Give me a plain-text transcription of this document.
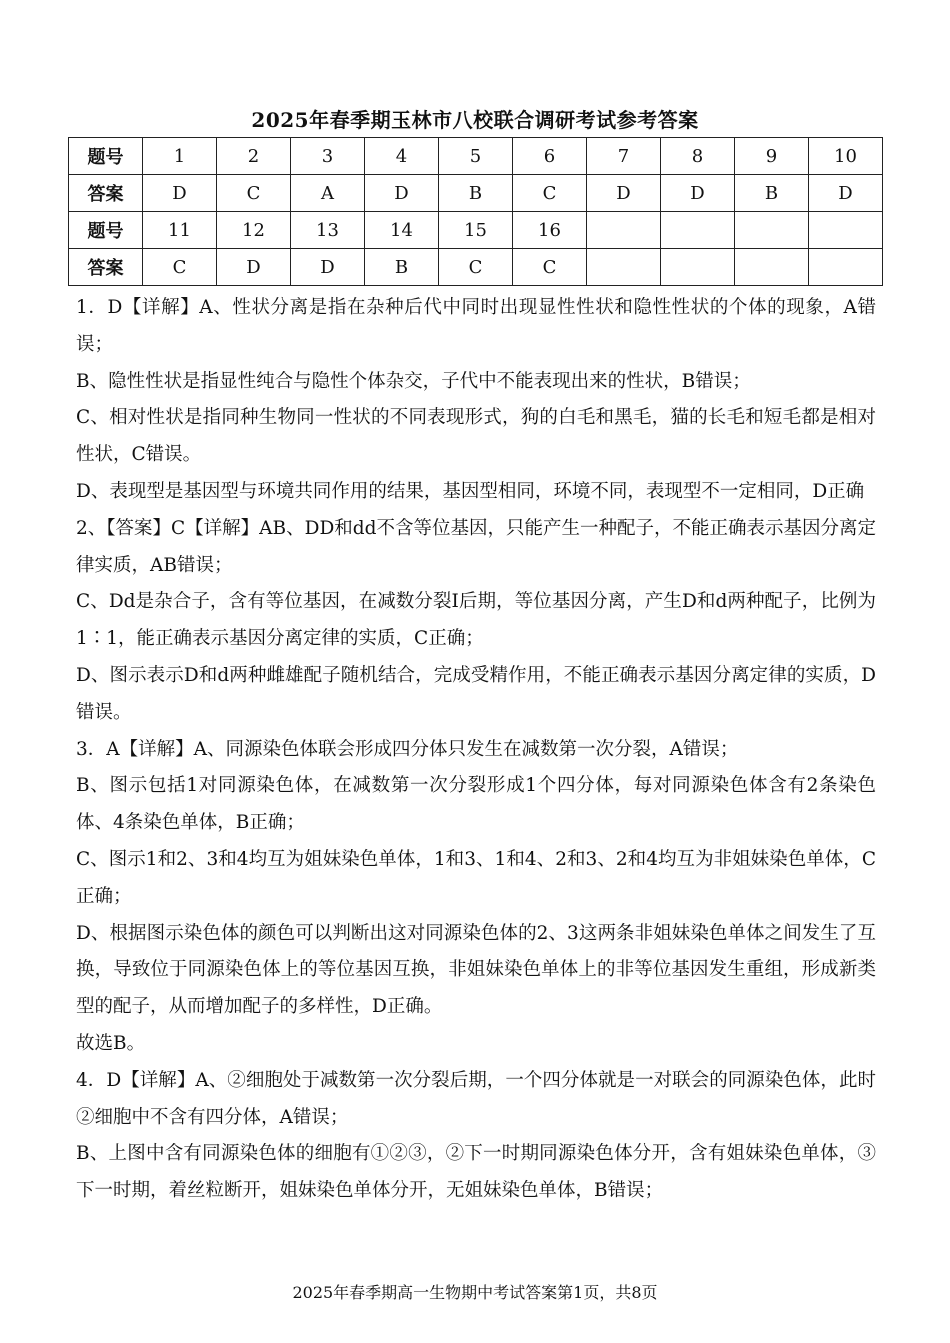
2025年春季期玉林市八校联合调研考试参考答案
题号	1	2	3	4	5	6	7	8	9	10
答案	D	C	A	D	B	C	D	D	B	D
题号	11	12	13	14	15	16				
答案	C	D	D	B	C	C				

1．D【详解】A、性状分离是指在杂种后代中同时出现显性性状和隐性性状的个体的现象，A错误；

B、隐性性状是指显性纯合与隐性个体杂交，子代中不能表现出来的性状，B错误；

C、相对性状是指同种生物同一性状的不同表现形式，狗的白毛和黑毛，猫的长毛和短毛都是相对性状，C错误。

D、表现型是基因型与环境共同作用的结果，基因型相同，环境不同，表现型不一定相同，D正确

2、【答案】C【详解】AB、DD和dd不含等位基因，只能产生一种配子，不能正确表示基因分离定律实质，AB错误；

C、Dd是杂合子，含有等位基因，在减数分裂Ⅰ后期，等位基因分离，产生D和d两种配子，比例为1∶1，能正确表示基因分离定律的实质，C正确；

D、图示表示D和d两种雌雄配子随机结合，完成受精作用，不能正确表示基因分离定律的实质，D错误。

3．A【详解】A、同源染色体联会形成四分体只发生在减数第一次分裂，A错误；

B、图示包括1对同源染色体，在减数第一次分裂形成1个四分体，每对同源染色体含有2条染色体、4条染色单体，B正确；

C、图示1和2、3和4均互为姐妹染色单体，1和3、1和4、2和3、2和4均互为非姐妹染色单体，C正确；

D、根据图示染色体的颜色可以判断出这对同源染色体的2、3这两条非姐妹染色单体之间发生了互换，导致位于同源染色体上的等位基因互换，非姐妹染色单体上的非等位基因发生重组，形成新类型的配子，从而增加配子的多样性，D正确。

故选B。

4．D【详解】A、②细胞处于减数第一次分裂后期，一个四分体就是一对联会的同源染色体，此时②细胞中不含有四分体，A错误；

B、上图中含有同源染色体的细胞有①②③，②下一时期同源染色体分开，含有姐妹染色单体，③下一时期，着丝粒断开，姐妹染色单体分开，无姐妹染色单体，B错误；

2025年春季期高一生物期中考试答案第1页，共8页
